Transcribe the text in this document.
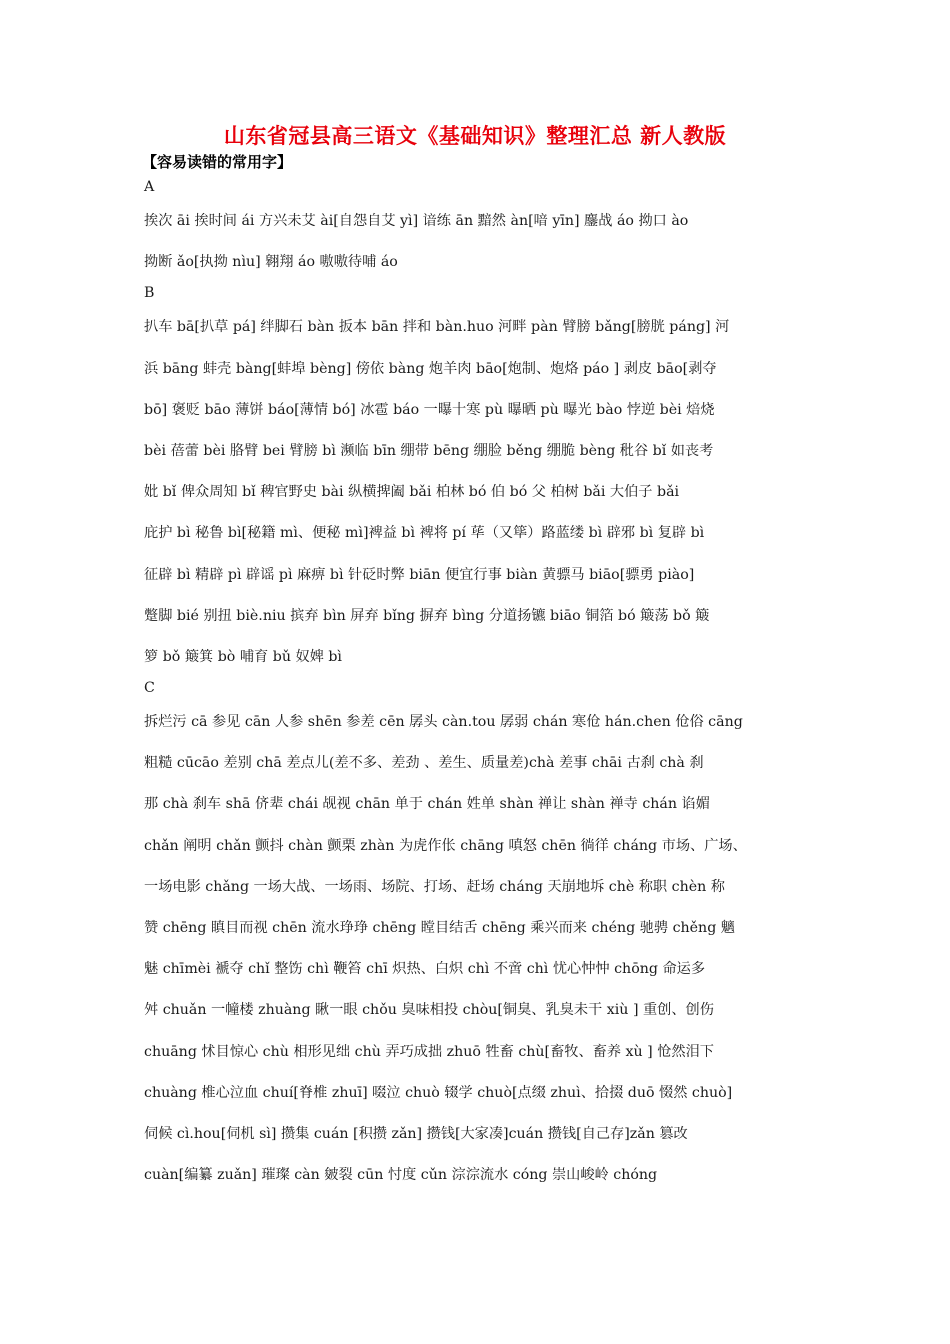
山东省冠县高三语文《基础知识》整理汇总 新人教版
【容易读错的常用字】
A
挨次 āi 挨时间 ái 方兴未艾 ài[自怨自艾 yì] 谙练 ān 黯然 àn[喑 yīn] 鏖战 áo 拗口 ào
拗断 ǎo[执拗 nìu] 翱翔 áo 嗷嗷待哺 áo
B
扒车 bā[扒草 pá] 绊脚石 bàn 扳本 bān 拌和 bàn.huo 河畔 pàn 臂膀 bǎng[膀胱 páng] 河
浜 bāng 蚌壳 bàng[蚌埠 bèng] 傍依 bàng 炮羊肉 bāo[炮制、炮烙 páo ] 剥皮 bāo[剥夺
bō] 褒贬 bāo 薄饼 báo[薄情 bó] 冰雹 báo 一曝十寒 pù 曝晒 pù 曝光 bào 悖逆 bèi 焙烧
bèi 蓓蕾 bèi 胳臂 bei 臂膀 bì 濒临 bīn 绷带 bēng 绷脸 běng 绷脆 bèng 秕谷 bǐ 如丧考
妣 bǐ 俾众周知 bǐ 稗官野史 bài 纵横捭阖 bǎi 柏林 bó 伯 bó 父 柏树 bǎi 大伯子 bǎi
庇护 bì 秘鲁 bì[秘籍 mì、便秘 mì]裨益 bì 裨将 pí 荜（又筚）路蓝缕 bì 辟邪 bì 复辟 bì
征辟 bì 精辟 pì 辟谣 pì 麻痹 bì 针砭时弊 biān 便宜行事 biàn 黄骠马 biāo[骠勇 piào]
蹩脚 bié 别扭 biè.niu 摈弃 bìn 屏弃 bǐng 摒弃 bìng 分道扬镳 biāo 铜箔 bó 簸荡 bǒ 簸
箩 bǒ 簸箕 bò 哺育 bǔ 奴婢 bì
C
拆烂污 cā 参见 cān 人参 shēn 参差 cēn 孱头 càn.tou 孱弱 chán 寒伧 hán.chen 伧俗 cāng
粗糙 cūcāo 差别 chā 差点儿(差不多、差劲 、差生、质量差)chà 差事 chāi 古刹 chà 刹
那 chà 刹车 shā 侪辈 chái 觇视 chān 单于 chán 姓单 shàn 禅让 shàn 禅寺 chán 谄媚
chǎn 阐明 chǎn 颤抖 chàn 颤栗 zhàn 为虎作伥 chāng 嗔怒 chēn 徜徉 cháng 市场、广场、
一场电影 chǎng 一场大战、一场雨、场院、打场、赶场 cháng 天崩地坼 chè 称职 chèn 称
赞 chēng 瞋目而视 chēn 流水琤琤 chēng 瞠目结舌 chēng 乘兴而来 chéng 驰骋 chěng 魑
魅 chīmèi 褫夺 chǐ 整饬 chì 鞭笞 chī 炽热、白炽 chì 不啻 chì 忧心忡忡 chōng 命运多
舛 chuǎn 一幢楼 zhuàng 瞅一眼 chǒu 臭味相投 chòu[铜臭、乳臭未干 xiù ] 重创、创伤
chuāng 怵目惊心 chù 相形见绌 chù 弄巧成拙 zhuō 牲畜 chù[畜牧、畜养 xù ] 怆然泪下
chuàng 椎心泣血 chuí[脊椎 zhuī] 啜泣 chuò 辍学 chuò[点缀 zhuì、拾掇 duō 惙然 chuò]
伺候 cì.hou[伺机 sì] 攒集 cuán [积攒 zǎn] 攒钱[大家凑]cuán 攒钱[自己存]zǎn 篡改
cuàn[编纂 zuǎn] 璀璨 càn 皴裂 cūn 忖度 cǔn 淙淙流水 cóng 崇山峻岭 chóng
